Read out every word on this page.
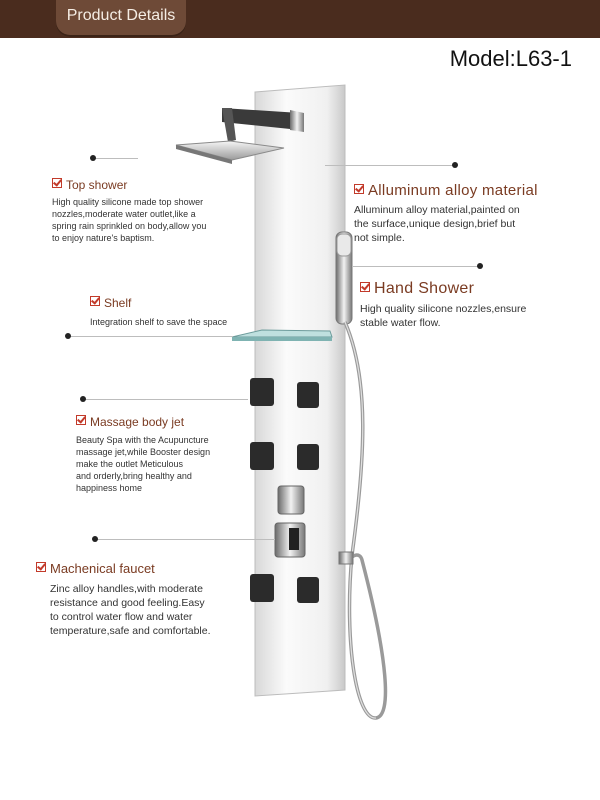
Product Details
Model:L63-1
Top shower
High quality silicone made top shower
nozzles,moderate water outlet,like a
spring rain sprinkled on body,allow you
to enjoy nature's baptism.
Alluminum alloy material
Alluminum alloy material,painted on
the surface,unique design,brief but
not simple.
Hand Shower
High quality silicone nozzles,ensure
stable water flow.
Shelf
Integration shelf to save the space
Massage body jet
Beauty Spa with the Acupuncture
massage jet,while Booster design
make the outlet Meticulous
and orderly,bring healthy and
happiness home
Machenical faucet
Zinc alloy handles,with moderate
resistance and good feeling.Easy
to control water flow and water
temperature,safe and comfortable.
